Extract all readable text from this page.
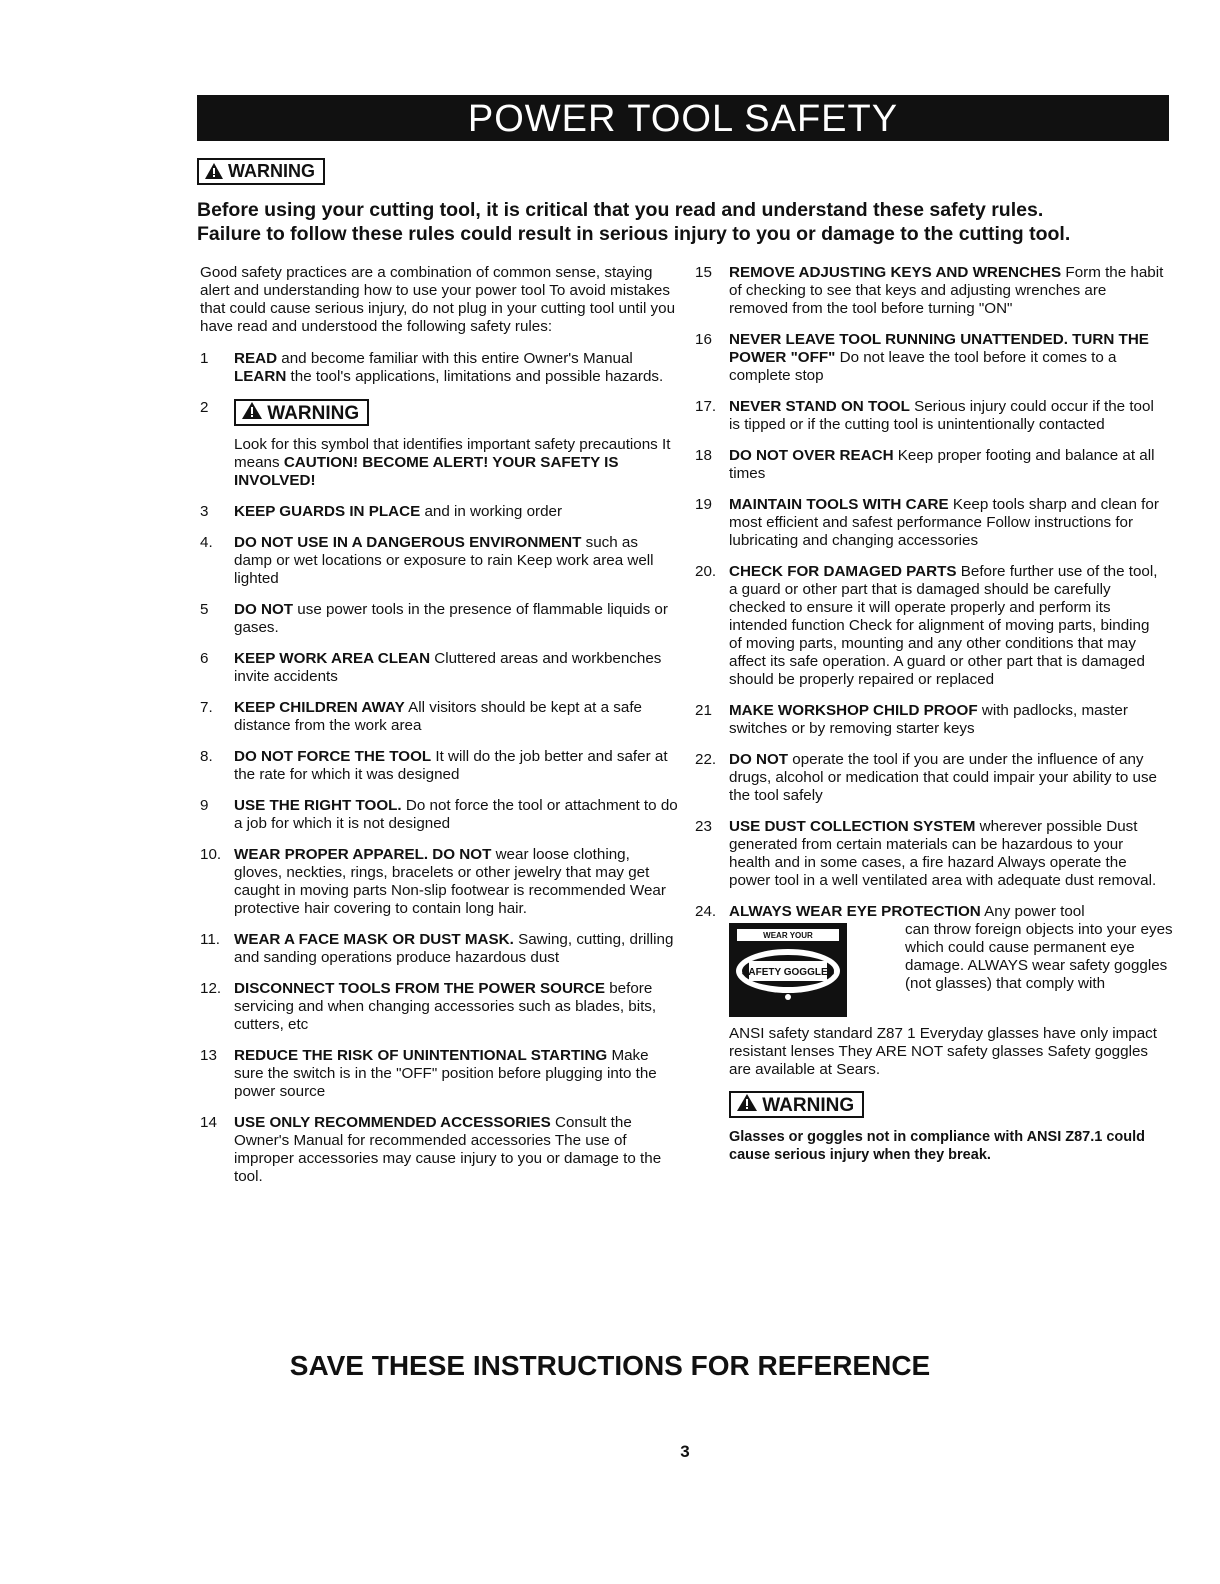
POWER TOOL SAFETY
WARNING
Before using your cutting tool, it is critical that you read and understand these safety rules.
Failure to follow these rules could result in serious injury to you or damage to the cutting tool.

Good safety practices are a combination of common sense, staying alert and understanding how to use your power tool To avoid mistakes that could cause serious injury, do not plug in your cutting tool until you have read and understood the following safety rules:

1 READ and become familiar with this entire Owner's Manual LEARN the tool's applications, limitations and possible hazards.
2	WARNING
Look for this symbol that identifies important safety precautions It means CAUTION! BECOME ALERT! YOUR SAFETY IS INVOLVED!
3 KEEP GUARDS IN PLACE and in working order
4. DO NOT USE IN A DANGEROUS ENVIRONMENT such as damp or wet locations or exposure to rain Keep work area well lighted
5 DO NOT use power tools in the presence of flammable liquids or gases.
6 KEEP WORK AREA CLEAN Cluttered areas and workbenches invite accidents
7. KEEP CHILDREN AWAY All visitors should be kept at a safe distance from the work area
8. DO NOT FORCE THE TOOL It will do the job better and safer at the rate for which it was designed
9 USE THE RIGHT TOOL. Do not force the tool or attachment to do a job for which it is not designed
10. WEAR PROPER APPAREL. DO NOT wear loose clothing, gloves, neckties, rings, bracelets or other jewelry that may get caught in moving parts Non-slip footwear is recommended Wear protective hair covering to contain long hair.
11. WEAR A FACE MASK OR DUST MASK. Sawing, cutting, drilling and sanding operations produce hazardous dust
12. DISCONNECT TOOLS FROM THE POWER SOURCE before servicing and when changing accessories such as blades, bits, cutters, etc
13 REDUCE THE RISK OF UNINTENTIONAL STARTING Make sure the switch is in the "OFF" position before plugging into the power source
14 USE ONLY RECOMMENDED ACCESSORIES Consult the Owner's Manual for recommended accessories The use of improper accessories may cause injury to you or damage to the tool.
15 REMOVE ADJUSTING KEYS AND WRENCHES Form the habit of checking to see that keys and adjusting wrenches are removed from the tool before turning "ON"
16 NEVER LEAVE TOOL RUNNING UNATTENDED. TURN THE POWER "OFF" Do not leave the tool before it comes to a complete stop
17. NEVER STAND ON TOOL Serious injury could occur if the tool is tipped or if the cutting tool is unintentionally contacted
18 DO NOT OVER REACH Keep proper footing and balance at all times
19 MAINTAIN TOOLS WITH CARE Keep tools sharp and clean for most efficient and safest performance Follow instructions for lubricating and changing accessories
20. CHECK FOR DAMAGED PARTS Before further use of the tool, a guard or other part that is damaged should be carefully checked to ensure it will operate properly and perform its intended function Check for alignment of moving parts, binding of moving parts, mounting and any other conditions that may affect its safe operation. A guard or other part that is damaged should be properly repaired or replaced
21 MAKE WORKSHOP CHILD PROOF with padlocks, master switches or by removing starter keys
22. DO NOT operate the tool if you are under the influence of any drugs, alcohol or medication that could impair your ability to use the tool safely
23 USE DUST COLLECTION SYSTEM wherever possible Dust generated from certain materials can be hazardous to your health and in some cases, a fire hazard Always operate the power tool in a well ventilated area with adequate dust removal.
24. ALWAYS WEAR EYE PROTECTION Any power tool
WEAR YOUR
SAFETY GOGGLES
can throw foreign objects into your eyes which could cause permanent eye damage. ALWAYS wear safety goggles (not glasses) that comply with
ANSI safety standard Z87 1 Everyday glasses have only impact resistant lenses They ARE NOT safety glasses Safety goggles are available at Sears.
WARNING
Glasses or goggles not in compliance with ANSI Z87.1 could cause serious injury when they break.
SAVE THESE INSTRUCTIONS FOR REFERENCE
3
